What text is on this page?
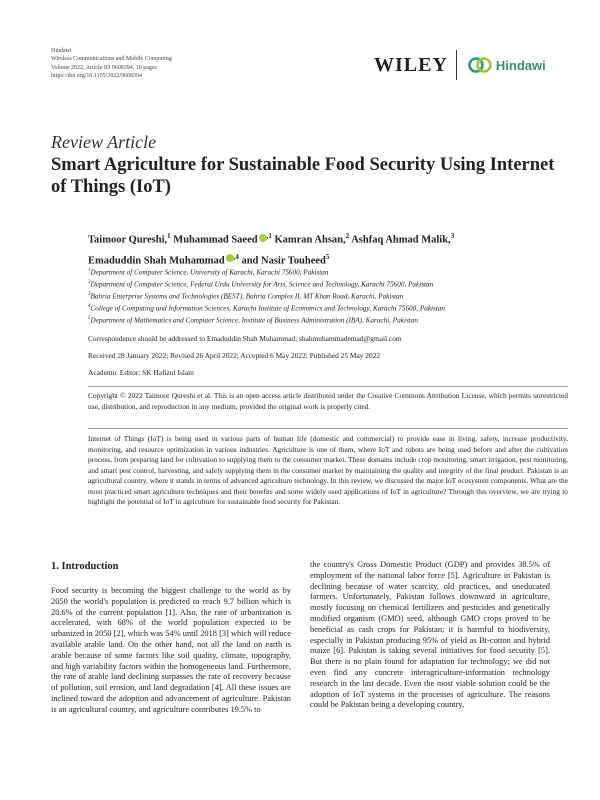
Hindawi
Wireless Communications and Mobile Computing
Volume 2022, Article ID 9608394, 10 pages
https://doi.org/10.1155/2022/9608394
WILEY	Hindawi
Review Article
Smart Agriculture for Sustainable Food Security Using Internet of Things (IoT)
Taimoor Qureshi,$^1$ Muhammad Saeed $^{,1}$ Kamran Ahsan,$^2$ Ashfaq Ahmad Malik,$^3$
Emaduddin Shah Muhammad $^{,4}$ and Nasir Touheed$^5$
$^1$Department of Computer Science, University of Karachi, Karachi 75600, Pakistan
$^2$Department of Computer Science, Federal Urdu University for Arts, Science and Technology, Karachi 75600, Pakistan
$^3$Bahria Enterprise Systems and Technologies (BEST), Bahria Complex II, MT Khan Road, Karachi, Pakistan
$^4$College of Computing and Information Sciences, Karachi Institute of Economics and Technology, Karachi 75600, Pakistan
$^5$Department of Mathematics and Computer Science, Institute of Business Administration (IBA), Karachi, Pakistan
Correspondence should be addressed to Emaduddin Shah Muhammad; shahmuhammademad@gmail.com
Received 28 January 2022; Revised 26 April 2022; Accepted 6 May 2022; Published 25 May 2022
Academic Editor: SK Hafizul Islam
Copyright © 2022 Taimoor Qureshi et al. This is an open access article distributed under the Creative Commons Attribution License, which permits unrestricted use, distribution, and reproduction in any medium, provided the original work is properly cited.
Internet of Things (IoT) is being used in various parts of human life (domestic and commercial) to provide ease in living, safety, increase productivity, monitoring, and resource optimization in various industries. Agriculture is one of them, where IoT and robots are being used before and after the cultivation process, from preparing land for cultivation to supplying them to the consumer market. These domains include crop monitoring, smart irrigation, pest monitoring, and smart pest control, harvesting, and safely supplying them in the consumer market by maintaining the quality and integrity of the final product. Pakistan is an agricultural country, where it stands in terms of advanced agriculture technology. In this review, we discussed the major IoT ecosystem components. What are the most practiced smart agriculture techniques and their benefits and some widely used applications of IoT in agriculture? Through this overview, we are trying to highlight the potential of IoT in agriculture for sustainable food security for Pakistan.
1. Introduction
Food security is becoming the biggest challenge to the world as by 2050 the world's population is predicted to reach 9.7 billion which is 20.6% of the current population [1]. Also, the rate of urbanization is accelerated, with 68% of the world population expected to be urbanized in 2050 [2], which was 54% until 2018 [3] which will reduce available arable land. On the other hand, not all the land on earth is arable because of some factors like soil quality, climate, topography, and high variability factors within the homogeneous land. Furthermore, the rate of arable land declining surpasses the rate of recovery because of pollution, soil erosion, and land degradation [4]. All these issues are inclined toward the adoption and advancement of agriculture. Pakistan is an agricultural country, and agriculture contributes 19.5% to
the country's Gross Domestic Product (GDP) and provides 38.5% of employment of the national labor force [5]. Agriculture in Pakistan is declining because of water scarcity, old practices, and uneducated farmers. Unfortunately, Pakistan follows downward in agriculture, mostly focusing on chemical fertilizers and pesticides and genetically modified organism (GMO) seed, although GMO crops proved to be beneficial as cash crops for Pakistan; it is harmful to biodiversity, especially in Pakistan producing 95% of yield as Bt-cotton and hybrid maize [6]. Pakistan is taking several initiatives for food security [5]. But there is no plain found for adaptation for technology; we did not even find any concrete interagriculture-information technology research in the last decade. Even the most viable solution could be the adoption of IoT systems in the processes of agriculture. The reasons could be Pakistan being a developing country,
